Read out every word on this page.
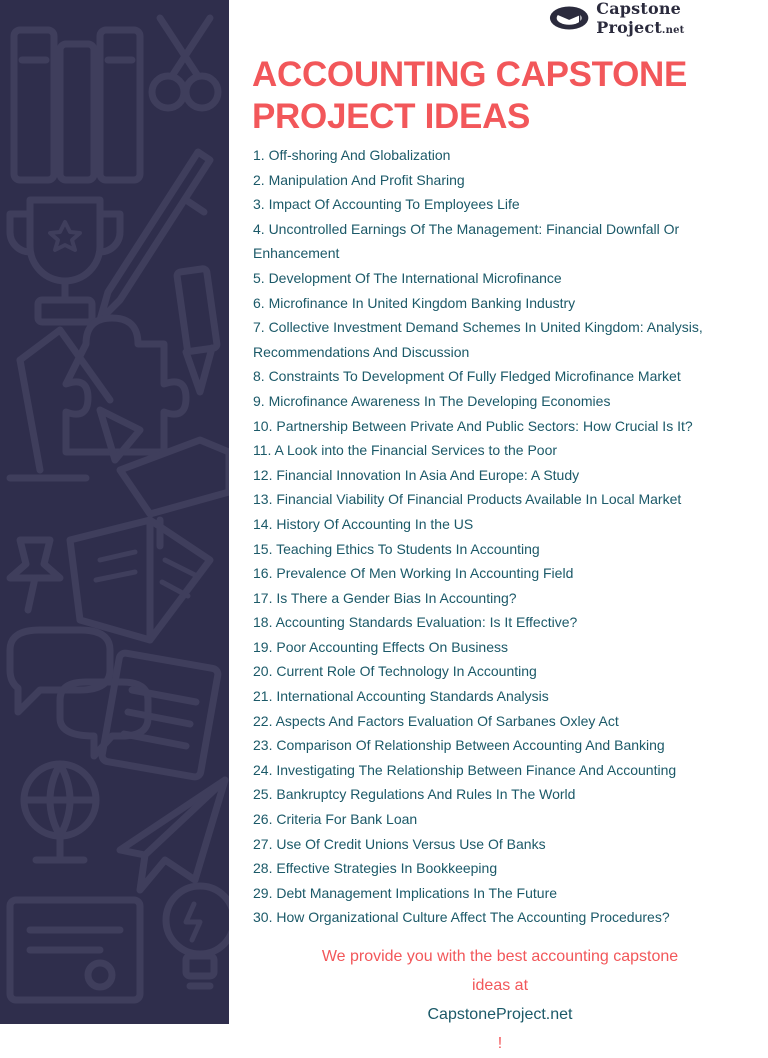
Capstone Project.net
ACCOUNTING CAPSTONE
PROJECT IDEAS
1. Off-shoring And Globalization
2. Manipulation And Profit Sharing
3. Impact Of Accounting To Employees Life
4. Uncontrolled Earnings Of The Management: Financial Downfall Or Enhancement
5. Development Of The International Microfinance
6. Microfinance In United Kingdom Banking Industry
7. Collective Investment Demand Schemes In United Kingdom: Analysis, Recommendations And Discussion
8. Constraints To Development Of Fully Fledged Microfinance Market
9. Microfinance Awareness In The Developing Economies
10. Partnership Between Private And Public Sectors: How Crucial Is It?
11. A Look into the Financial Services to the Poor
12. Financial Innovation In Asia And Europe: A Study
13. Financial Viability Of Financial Products Available In Local Market
14. History Of Accounting In the US
15. Teaching Ethics To Students In Accounting
16. Prevalence Of Men Working In Accounting Field
17. Is There a Gender Bias In Accounting?
18. Accounting Standards Evaluation: Is It Effective?
19. Poor Accounting Effects On Business
20. Current Role Of Technology In Accounting
21. International Accounting Standards Analysis
22. Aspects And Factors Evaluation Of Sarbanes Oxley Act
23. Comparison Of Relationship Between Accounting And Banking
24. Investigating The Relationship Between Finance And Accounting
25. Bankruptcy Regulations And Rules In The World
26. Criteria For Bank Loan
27. Use Of Credit Unions Versus Use Of Banks
28. Effective Strategies In Bookkeeping
29. Debt Management Implications In The Future
30. How Organizational Culture Affect The Accounting Procedures?
We provide you with the best accounting capstone
ideas at
CapstoneProject.net
!
